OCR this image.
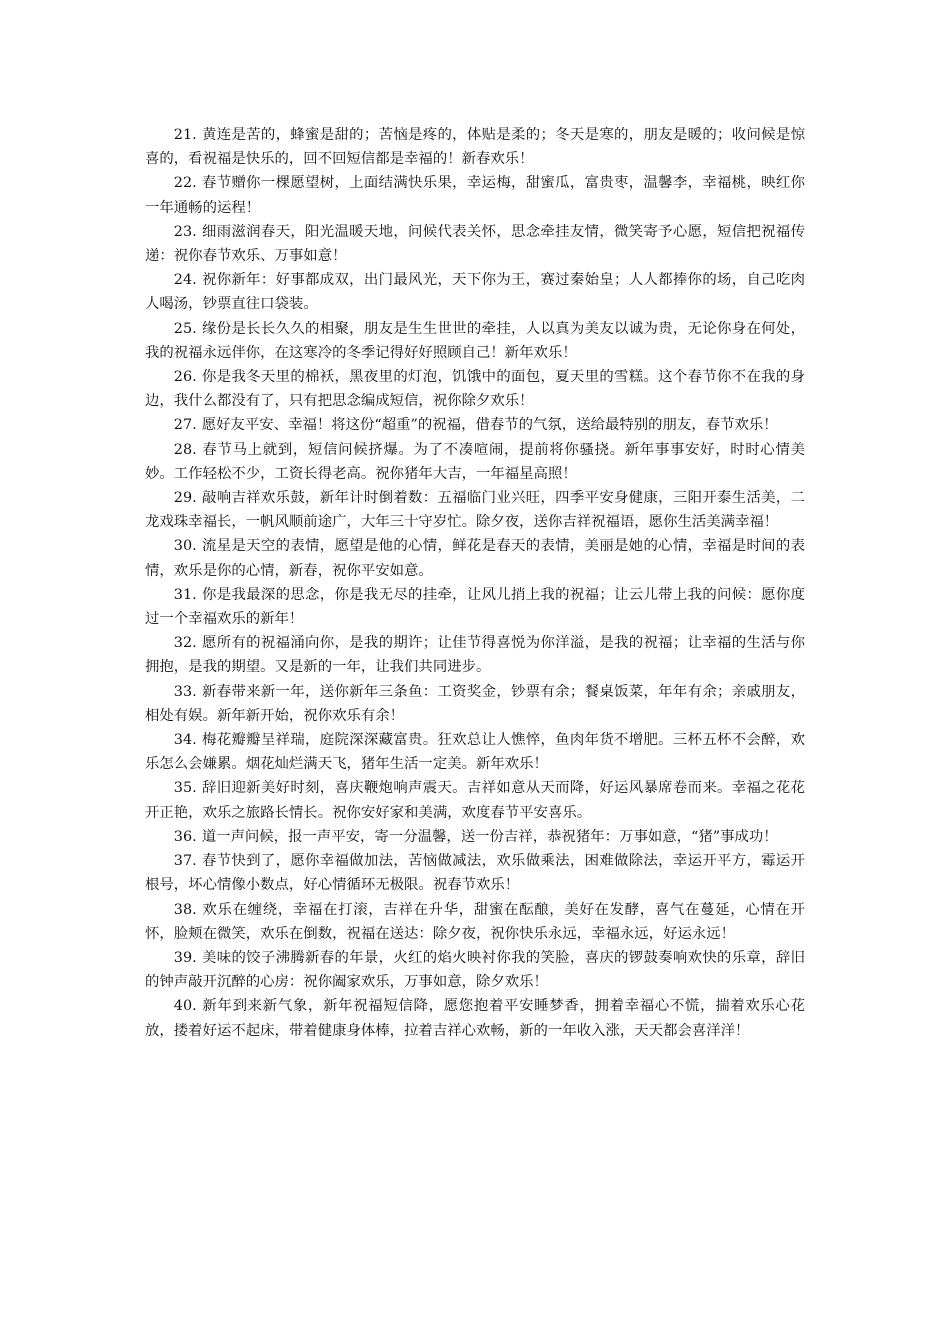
21. 黄连是苦的，蜂蜜是甜的；苦恼是疼的，体贴是柔的；冬天是寒的，朋友是暖的；收问候是惊喜的，看祝福是快乐的，回不回短信都是幸福的！新春欢乐！

22. 春节赠你一棵愿望树，上面结满快乐果，幸运梅，甜蜜瓜，富贵枣，温馨李，幸福桃，映红你一年通畅的运程！

23. 细雨滋润春天，阳光温暖天地，问候代表关怀，思念牵挂友情，微笑寄予心愿，短信把祝福传递：祝你春节欢乐、万事如意！

24. 祝你新年：好事都成双，出门最风光，天下你为王，赛过秦始皇；人人都捧你的场，自己吃肉人喝汤，钞票直往口袋装。

25. 缘份是长长久久的相聚，朋友是生生世世的牵挂，人以真为美友以诚为贵，无论你身在何处，我的祝福永远伴你，在这寒冷的冬季记得好好照顾自己！新年欢乐！

26. 你是我冬天里的棉袄，黑夜里的灯泡，饥饿中的面包，夏天里的雪糕。这个春节你不在我的身边，我什么都没有了，只有把思念编成短信，祝你除夕欢乐！

27. 愿好友平安、幸福！将这份“超重”的祝福，借春节的气氛，送给最特别的朋友，春节欢乐！

28. 春节马上就到，短信问候挤爆。为了不凑喧闹，提前将你骚挠。新年事事安好，时时心情美妙。工作轻松不少，工资长得老高。祝你猪年大吉，一年福星高照！

29. 敲响吉祥欢乐鼓，新年计时倒着数：五福临门业兴旺，四季平安身健康，三阳开泰生活美，二龙戏珠幸福长，一帆风顺前途广，大年三十守岁忙。除夕夜，送你吉祥祝福语，愿你生活美满幸福！

30. 流星是天空的表情，愿望是他的心情，鲜花是春天的表情，美丽是她的心情，幸福是时间的表情，欢乐是你的心情，新春，祝你平安如意。

31. 你是我最深的思念，你是我无尽的挂牵，让风儿捎上我的祝福；让云儿带上我的问候：愿你度过一个幸福欢乐的新年！

32. 愿所有的祝福涌向你，是我的期许；让佳节得喜悦为你洋溢，是我的祝福；让幸福的生活与你拥抱，是我的期望。又是新的一年，让我们共同进步。

33. 新春带来新一年，送你新年三条鱼：工资奖金，钞票有余；餐桌饭菜，年年有余；亲戚朋友，相处有娱。新年新开始，祝你欢乐有余！

34. 梅花瓣瓣呈祥瑞，庭院深深藏富贵。狂欢总让人憔悴，鱼肉年货不增肥。三杯五杯不会醉，欢乐怎么会嫌累。烟花灿烂满天飞，猪年生活一定美。新年欢乐！

35. 辞旧迎新美好时刻，喜庆鞭炮响声震天。吉祥如意从天而降，好运风暴席卷而来。幸福之花花开正艳，欢乐之旅路长情长。祝你安好家和美满，欢度春节平安喜乐。

36. 道一声问候，报一声平安，寄一分温馨，送一份吉祥，恭祝猪年：万事如意，“猪”事成功！

37. 春节快到了，愿你幸福做加法，苦恼做减法，欢乐做乘法，困难做除法，幸运开平方，霉运开根号，坏心情像小数点，好心情循环无极限。祝春节欢乐！

38. 欢乐在缠绕，幸福在打滚，吉祥在升华，甜蜜在酝酿，美好在发酵，喜气在蔓延，心情在开怀，脸颊在微笑，欢乐在倒数，祝福在送达：除夕夜，祝你快乐永远，幸福永远，好运永远！

39. 美味的饺子沸腾新春的年景，火红的焰火映衬你我的笑脸，喜庆的锣鼓奏响欢快的乐章，辞旧的钟声敲开沉醉的心房：祝你阖家欢乐，万事如意，除夕欢乐！

40. 新年到来新气象，新年祝福短信降，愿您抱着平安睡梦香，拥着幸福心不慌，揣着欢乐心花放，搂着好运不起床，带着健康身体棒，拉着吉祥心欢畅，新的一年收入涨，天天都会喜洋洋！
